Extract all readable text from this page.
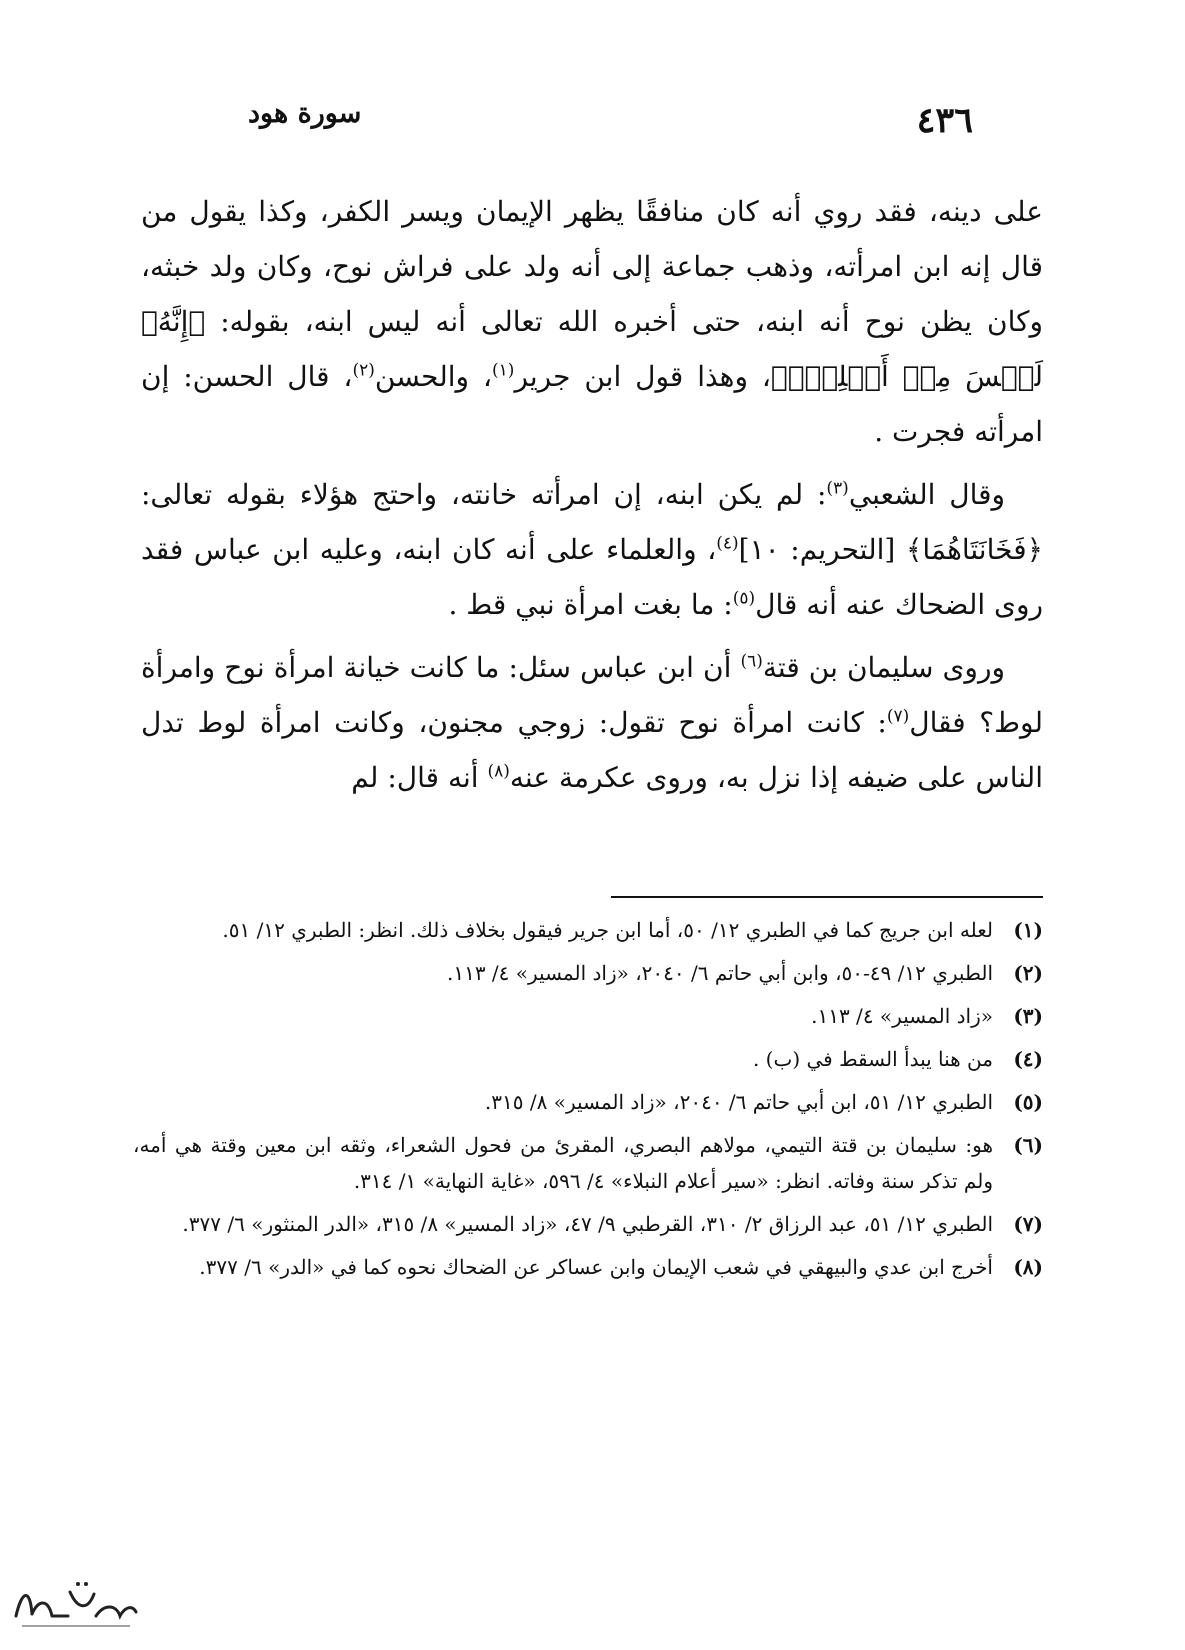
٤٣٦
سورة هود

على دينه، فقد روي أنه كان منافقًا يظهر الإيمان ويسر الكفر، وكذا يقول من قال إنه ابن امرأته، وذهب جماعة إلى أنه ولد على فراش نوح، وكان ولد خبثه، وكان يظن نوح أنه ابنه، حتى أخبره الله تعالى أنه ليس ابنه، بقوله: ﴿إِنَّهُۥ لَيۡسَ مِنۡ أَهۡلِكَۖ﴾، وهذا قول ابن جرير$^{(١)}$، والحسن$^{(٢)}$، قال الحسن: إن امرأته فجرت .

وقال الشعبي$^{(٣)}$: لم يكن ابنه، إن امرأته خانته، واحتج هؤلاء بقوله تعالى: ﴿فَخَانَتَاهُمَا﴾ [التحريم: ١٠]$^{(٤)}$، والعلماء على أنه كان ابنه، وعليه ابن عباس فقد روى الضحاك عنه أنه قال$^{(٥)}$: ما بغت امرأة نبي قط .

وروى سليمان بن قتة$^{(٦)}$ أن ابن عباس سئل: ما كانت خيانة امرأة نوح وامرأة لوط؟ فقال$^{(٧)}$: كانت امرأة نوح تقول: زوجي مجنون، وكانت امرأة لوط تدل الناس على ضيفه إذا نزل به، وروى عكرمة عنه$^{(٨)}$ أنه قال: لم

(١)
لعله ابن جريج كما في الطبري ١٢/ ٥٠، أما ابن جرير فيقول بخلاف ذلك. انظر: الطبري ١٢/ ٥١.
(٢)
الطبري ١٢/ ٤٩-٥٠، وابن أبي حاتم ٦/ ٢٠٤٠، «زاد المسير» ٤/ ١١٣.
(٣)
«زاد المسير» ٤/ ١١٣.
(٤)
من هنا يبدأ السقط في (ب) .
(٥)
الطبري ١٢/ ٥١، ابن أبي حاتم ٦/ ٢٠٤٠، «زاد المسير» ٨/ ٣١٥.
(٦)
هو: سليمان بن قتة التيمي، مولاهم البصري، المقرئ من فحول الشعراء، وثقه ابن معين وقتة هي أمه، ولم تذكر سنة وفاته. انظر: «سير أعلام النبلاء» ٤/ ٥٩٦، «غاية النهاية» ١/ ٣١٤.
(٧)
الطبري ١٢/ ٥١، عبد الرزاق ٢/ ٣١٠، القرطبي ٩/ ٤٧، «زاد المسير» ٨/ ٣١٥، «الدر المنثور» ٦/ ٣٧٧.
(٨)
أخرج ابن عدي والبيهقي في شعب الإيمان وابن عساكر عن الضحاك نحوه كما في «الدر» ٦/ ٣٧٧.
